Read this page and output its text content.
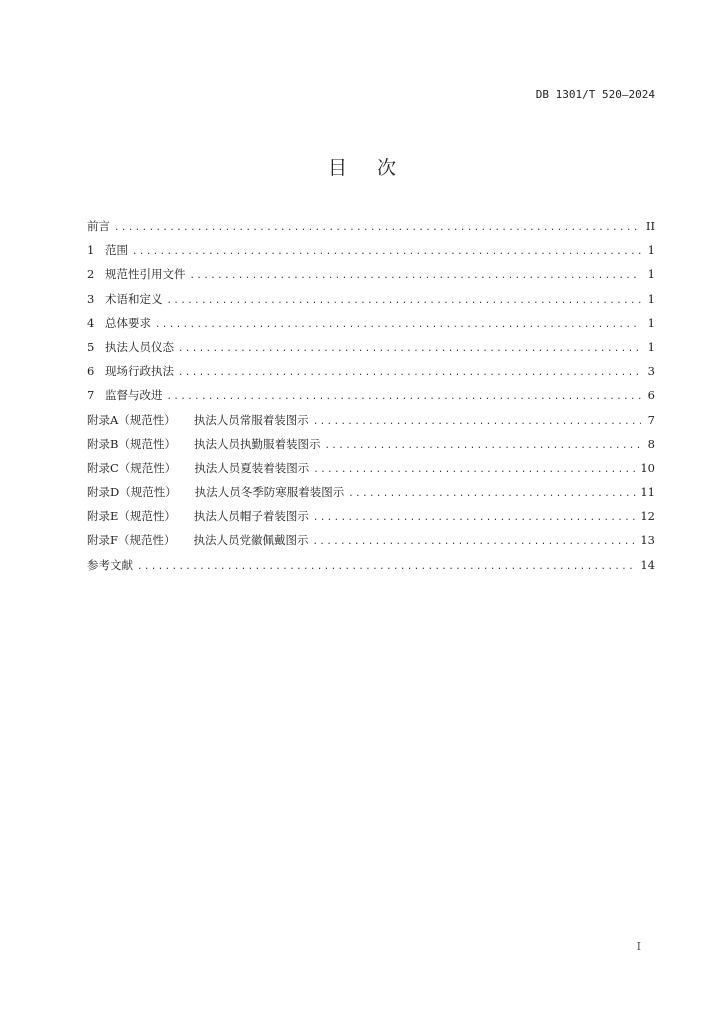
DB 1301/T 520—2024
目次
前言 .....	II
1 范围 .....	1
2 规范性引用文件 .....	1
3 术语和定义 .....	1
4 总体要求 .....	1
5 执法人员仪态 .....	1
6 现场行政执法 .....	3
7 监督与改进 .....	6
附录A（规范性） 执法人员常服着装图示 .....	7
附录B（规范性） 执法人员执勤服着装图示 .....	8
附录C（规范性） 执法人员夏装着装图示 .....	10
附录D（规范性） 执法人员冬季防寒服着装图示 .....	11
附录E（规范性） 执法人员帽子着装图示 .....	12
附录F（规范性） 执法人员党徽佩戴图示 .....	13
参考文献 .....	14
I
